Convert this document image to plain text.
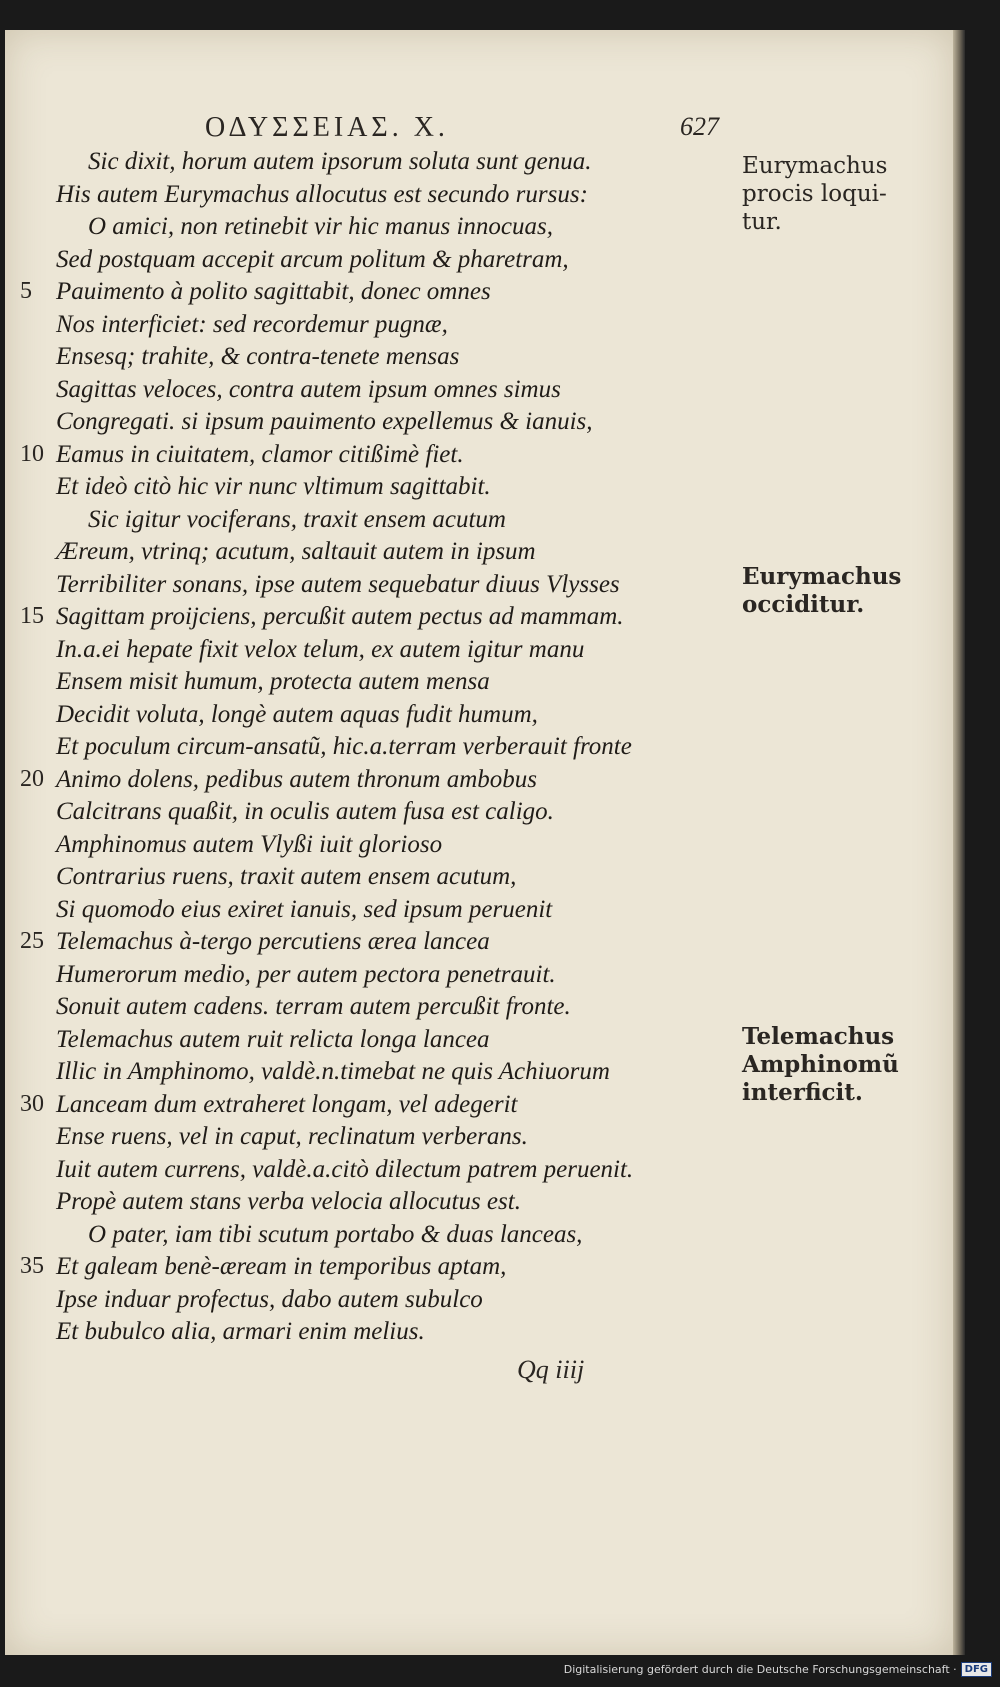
ΟΔΥΣΣΕΙΑΣ. Χ.	627
Sic dixit, horum autem ipsorum soluta sunt genua.
His autem Eurymachus allocutus est secundo rursus:
O amici, non retinebit vir hic manus innocuas,
Sed postquam accepit arcum politum & pharetram,
5 Pauimento à polito sagittabit, donec omnes
Nos interficiet: sed recordemur pugnæ,
Ensesq; trahite, & contra-tenete mensas
Sagittas veloces, contra autem ipsum omnes simus
Congregati. si ipsum pauimento expellemus & ianuis,
10 Eamus in ciuitatem, clamor citißimè fiet.
Et ideò citò hic vir nunc vltimum sagittabit.
Sic igitur vociferans, traxit ensem acutum
Æreum, vtrinq; acutum, saltauit autem in ipsum
Terribiliter sonans, ipse autem sequebatur diuus Vlysses
15 Sagittam proijciens, percußit autem pectus ad mammam.
In.a.ei hepate fixit velox telum, ex autem igitur manu
Ensem misit humum, protecta autem mensa
Decidit voluta, longè autem aquas fudit humum,
Et poculum circum-ansatũ, hic.a.terram verberauit fronte
20 Animo dolens, pedibus autem thronum ambobus
Calcitrans quaßit, in oculis autem fusa est caligo.
Amphinomus autem Vlyßi iuit glorioso
Contrarius ruens, traxit autem ensem acutum,
Si quomodo eius exiret ianuis, sed ipsum peruenit
25 Telemachus à-tergo percutiens ærea lancea
Humerorum medio, per autem pectora penetrauit.
Sonuit autem cadens. terram autem percußit fronte.
Telemachus autem ruit relicta longa lancea
Illic in Amphinomo, valdè.n.timebat ne quis Achiuorum
30 Lanceam dum extraheret longam, vel adegerit
Ense ruens, vel in caput, reclinatum verberans.
Iuit autem currens, valdè.a.citò dilectum patrem peruenit.
Propè autem stans verba velocia allocutus est.
O pater, iam tibi scutum portabo & duas lanceas,
35 Et galeam benè-æream in temporibus aptam,
Ipse induar profectus, dabo autem subulco
Et bubulco alia, armari enim melius.
Eurymachus
procis loqui-
tur.
Eurymachus
occiditur.
Telemachus
Amphinomũ
interficit.
Qq iiij
Digitalisierung gefördert durch die Deutsche Forschungsgemeinschaft · DFG
